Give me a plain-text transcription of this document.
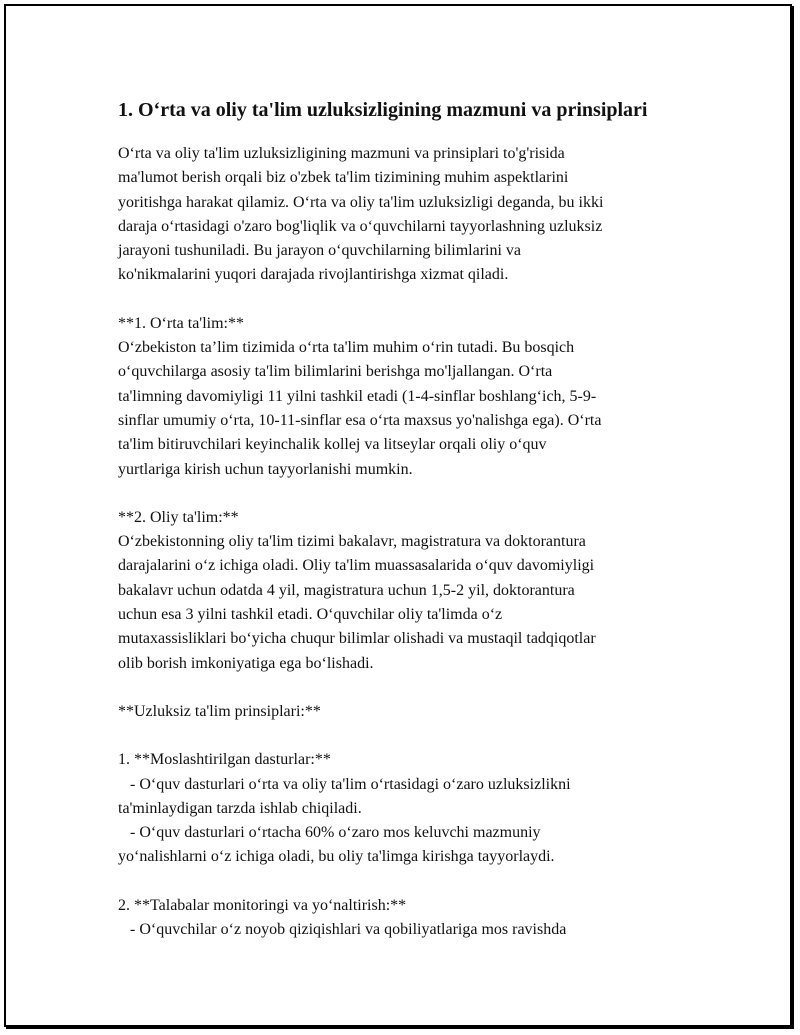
1. O‘rta va oliy ta'lim uzluksizligining mazmuni va prinsiplari

O‘rta va oliy ta'lim uzluksizligining mazmuni va prinsiplari to'g'risida
ma'lumot berish orqali biz o'zbek ta'lim tizimining muhim aspektlarini
yoritishga harakat qilamiz. O‘rta va oliy ta'lim uzluksizligi deganda, bu ikki
daraja o‘rtasidagi o'zaro bog'liqlik va o‘quvchilarni tayyorlashning uzluksiz
jarayoni tushuniladi. Bu jarayon o‘quvchilarning bilimlarini va
ko'nikmalarini yuqori darajada rivojlantirishga xizmat qiladi.

**1. O‘rta ta'lim:**
O‘zbekiston ta’lim tizimida o‘rta ta'lim muhim o‘rin tutadi. Bu bosqich
o‘quvchilarga asosiy ta'lim bilimlarini berishga mo'ljallangan. O‘rta
ta'limning davomiyligi 11 yilni tashkil etadi (1-4-sinflar boshlang‘ich, 5-9-
sinflar umumiy o‘rta, 10-11-sinflar esa o‘rta maxsus yo'nalishga ega). O‘rta
ta'lim bitiruvchilari keyinchalik kollej va litseylar orqali oliy o‘quv
yurtlariga kirish uchun tayyorlanishi mumkin.

**2. Oliy ta'lim:**
O‘zbekistonning oliy ta'lim tizimi bakalavr, magistratura va doktorantura
darajalarini o‘z ichiga oladi. Oliy ta'lim muassasalarida o‘quv davomiyligi
bakalavr uchun odatda 4 yil, magistratura uchun 1,5-2 yil, doktorantura
uchun esa 3 yilni tashkil etadi. O‘quvchilar oliy ta'limda o‘z
mutaxassisliklari bo‘yicha chuqur bilimlar olishadi va mustaqil tadqiqotlar
olib borish imkoniyatiga ega bo‘lishadi.

**Uzluksiz ta'lim prinsiplari:**

1. **Moslashtirilgan dasturlar:**
- O‘quv dasturlari o‘rta va oliy ta'lim o‘rtasidagi o‘zaro uzluksizlikni
ta'minlaydigan tarzda ishlab chiqiladi.
- O‘quv dasturlari o‘rtacha 60% o‘zaro mos keluvchi mazmuniy
yo‘nalishlarni o‘z ichiga oladi, bu oliy ta'limga kirishga tayyorlaydi.

2. **Talabalar monitoringi va yo‘naltirish:**
- O‘quvchilar o‘z noyob qiziqishlari va qobiliyatlariga mos ravishda
